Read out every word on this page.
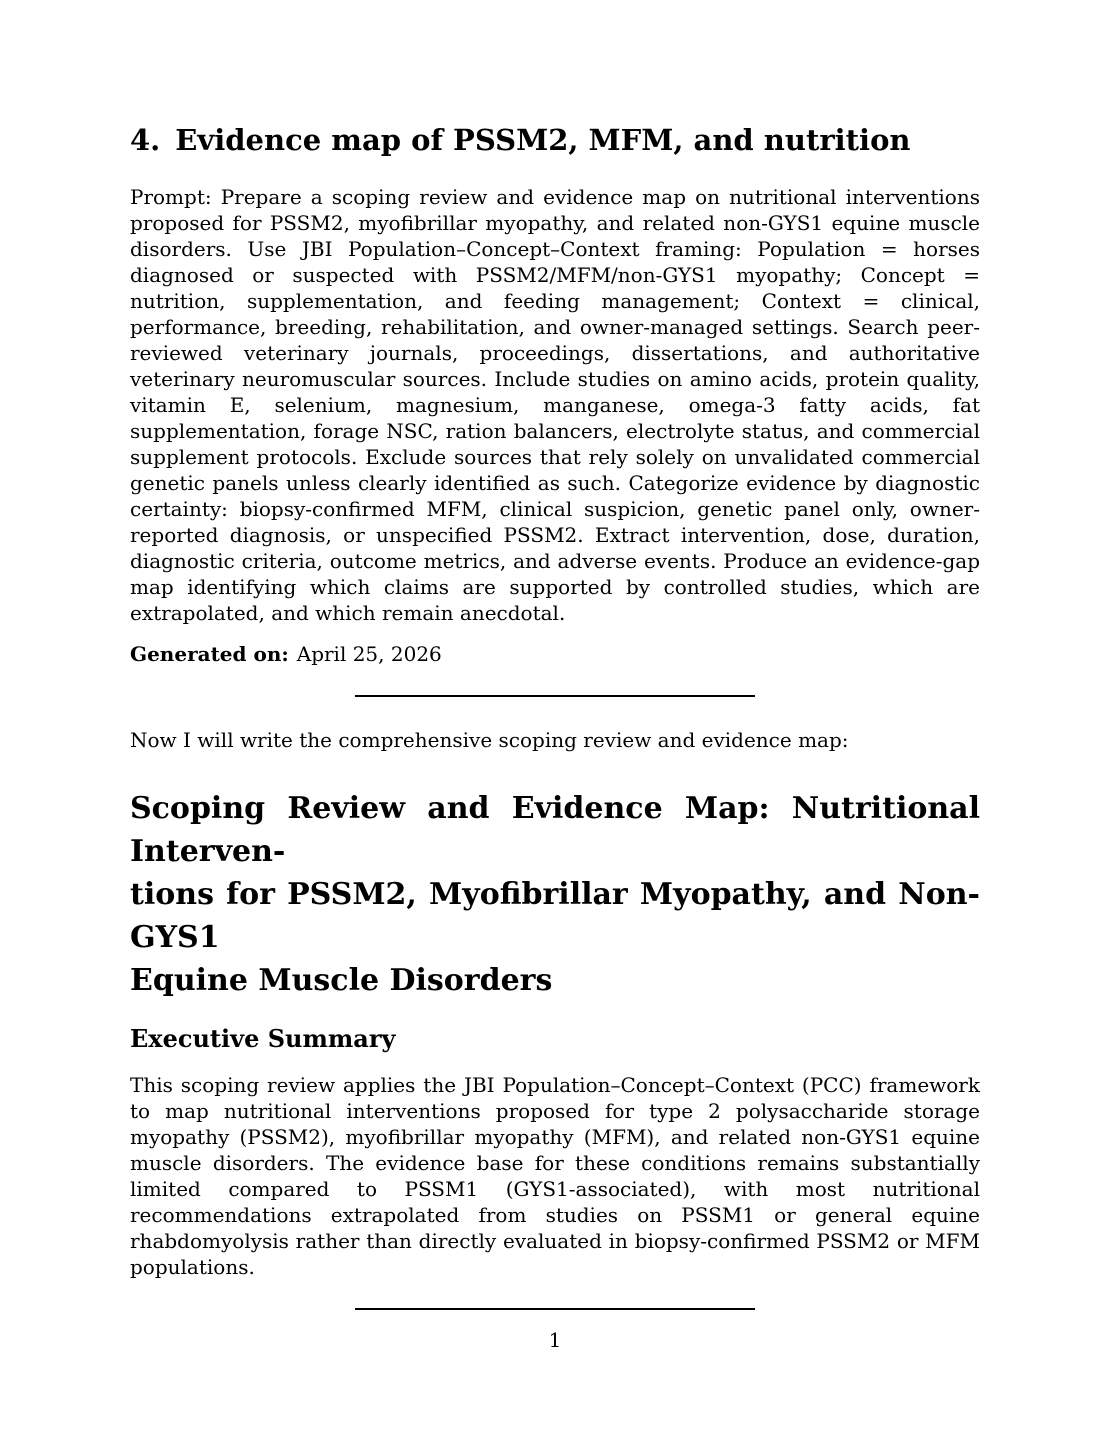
4. Evidence map of PSSM2, MFM, and nutrition

Prompt: Prepare a scoping review and evidence map on nutritional interventions proposed for PSSM2, myofibrillar myopathy, and related non-GYS1 equine muscle disorders. Use JBI Population–Concept–Context framing: Population = horses diagnosed or suspected with PSSM2/MFM/non-GYS1 myopathy; Concept = nutrition, supplementation, and feeding management; Context = clinical, performance, breeding, rehabilitation, and owner-managed settings. Search peer-reviewed veterinary journals, proceedings, dissertations, and authoritative veterinary neuromuscular sources. Include studies on amino acids, protein quality, vitamin E, selenium, magnesium, manganese, omega-3 fatty acids, fat supplementation, forage NSC, ration balancers, electrolyte status, and commercial supplement protocols. Exclude sources that rely solely on unvalidated commercial genetic panels unless clearly identified as such. Categorize evidence by diagnostic certainty: biopsy-confirmed MFM, clinical suspicion, genetic panel only, owner-reported diagnosis, or unspecified PSSM2. Extract intervention, dose, duration, diagnostic criteria, outcome metrics, and adverse events. Produce an evidence-gap map identifying which claims are supported by controlled studies, which are extrapolated, and which remain anecdotal.

Generated on: April 25, 2026

Now I will write the comprehensive scoping review and evidence map:

Scoping Review and Evidence Map: Nutritional Interven-
tions for PSSM2, Myofibrillar Myopathy, and Non-GYS1
Equine Muscle Disorders
Executive Summary

This scoping review applies the JBI Population–Concept–Context (PCC) framework to map nutritional interventions proposed for type 2 polysaccharide storage myopathy (PSSM2), myofibrillar myopathy (MFM), and related non-GYS1 equine muscle disorders. The evidence base for these conditions remains substantially limited compared to PSSM1 (GYS1-associated), with most nutritional recommendations extrapolated from studies on PSSM1 or general equine rhabdomyolysis rather than directly evaluated in biopsy-confirmed PSSM2 or MFM populations.

1
